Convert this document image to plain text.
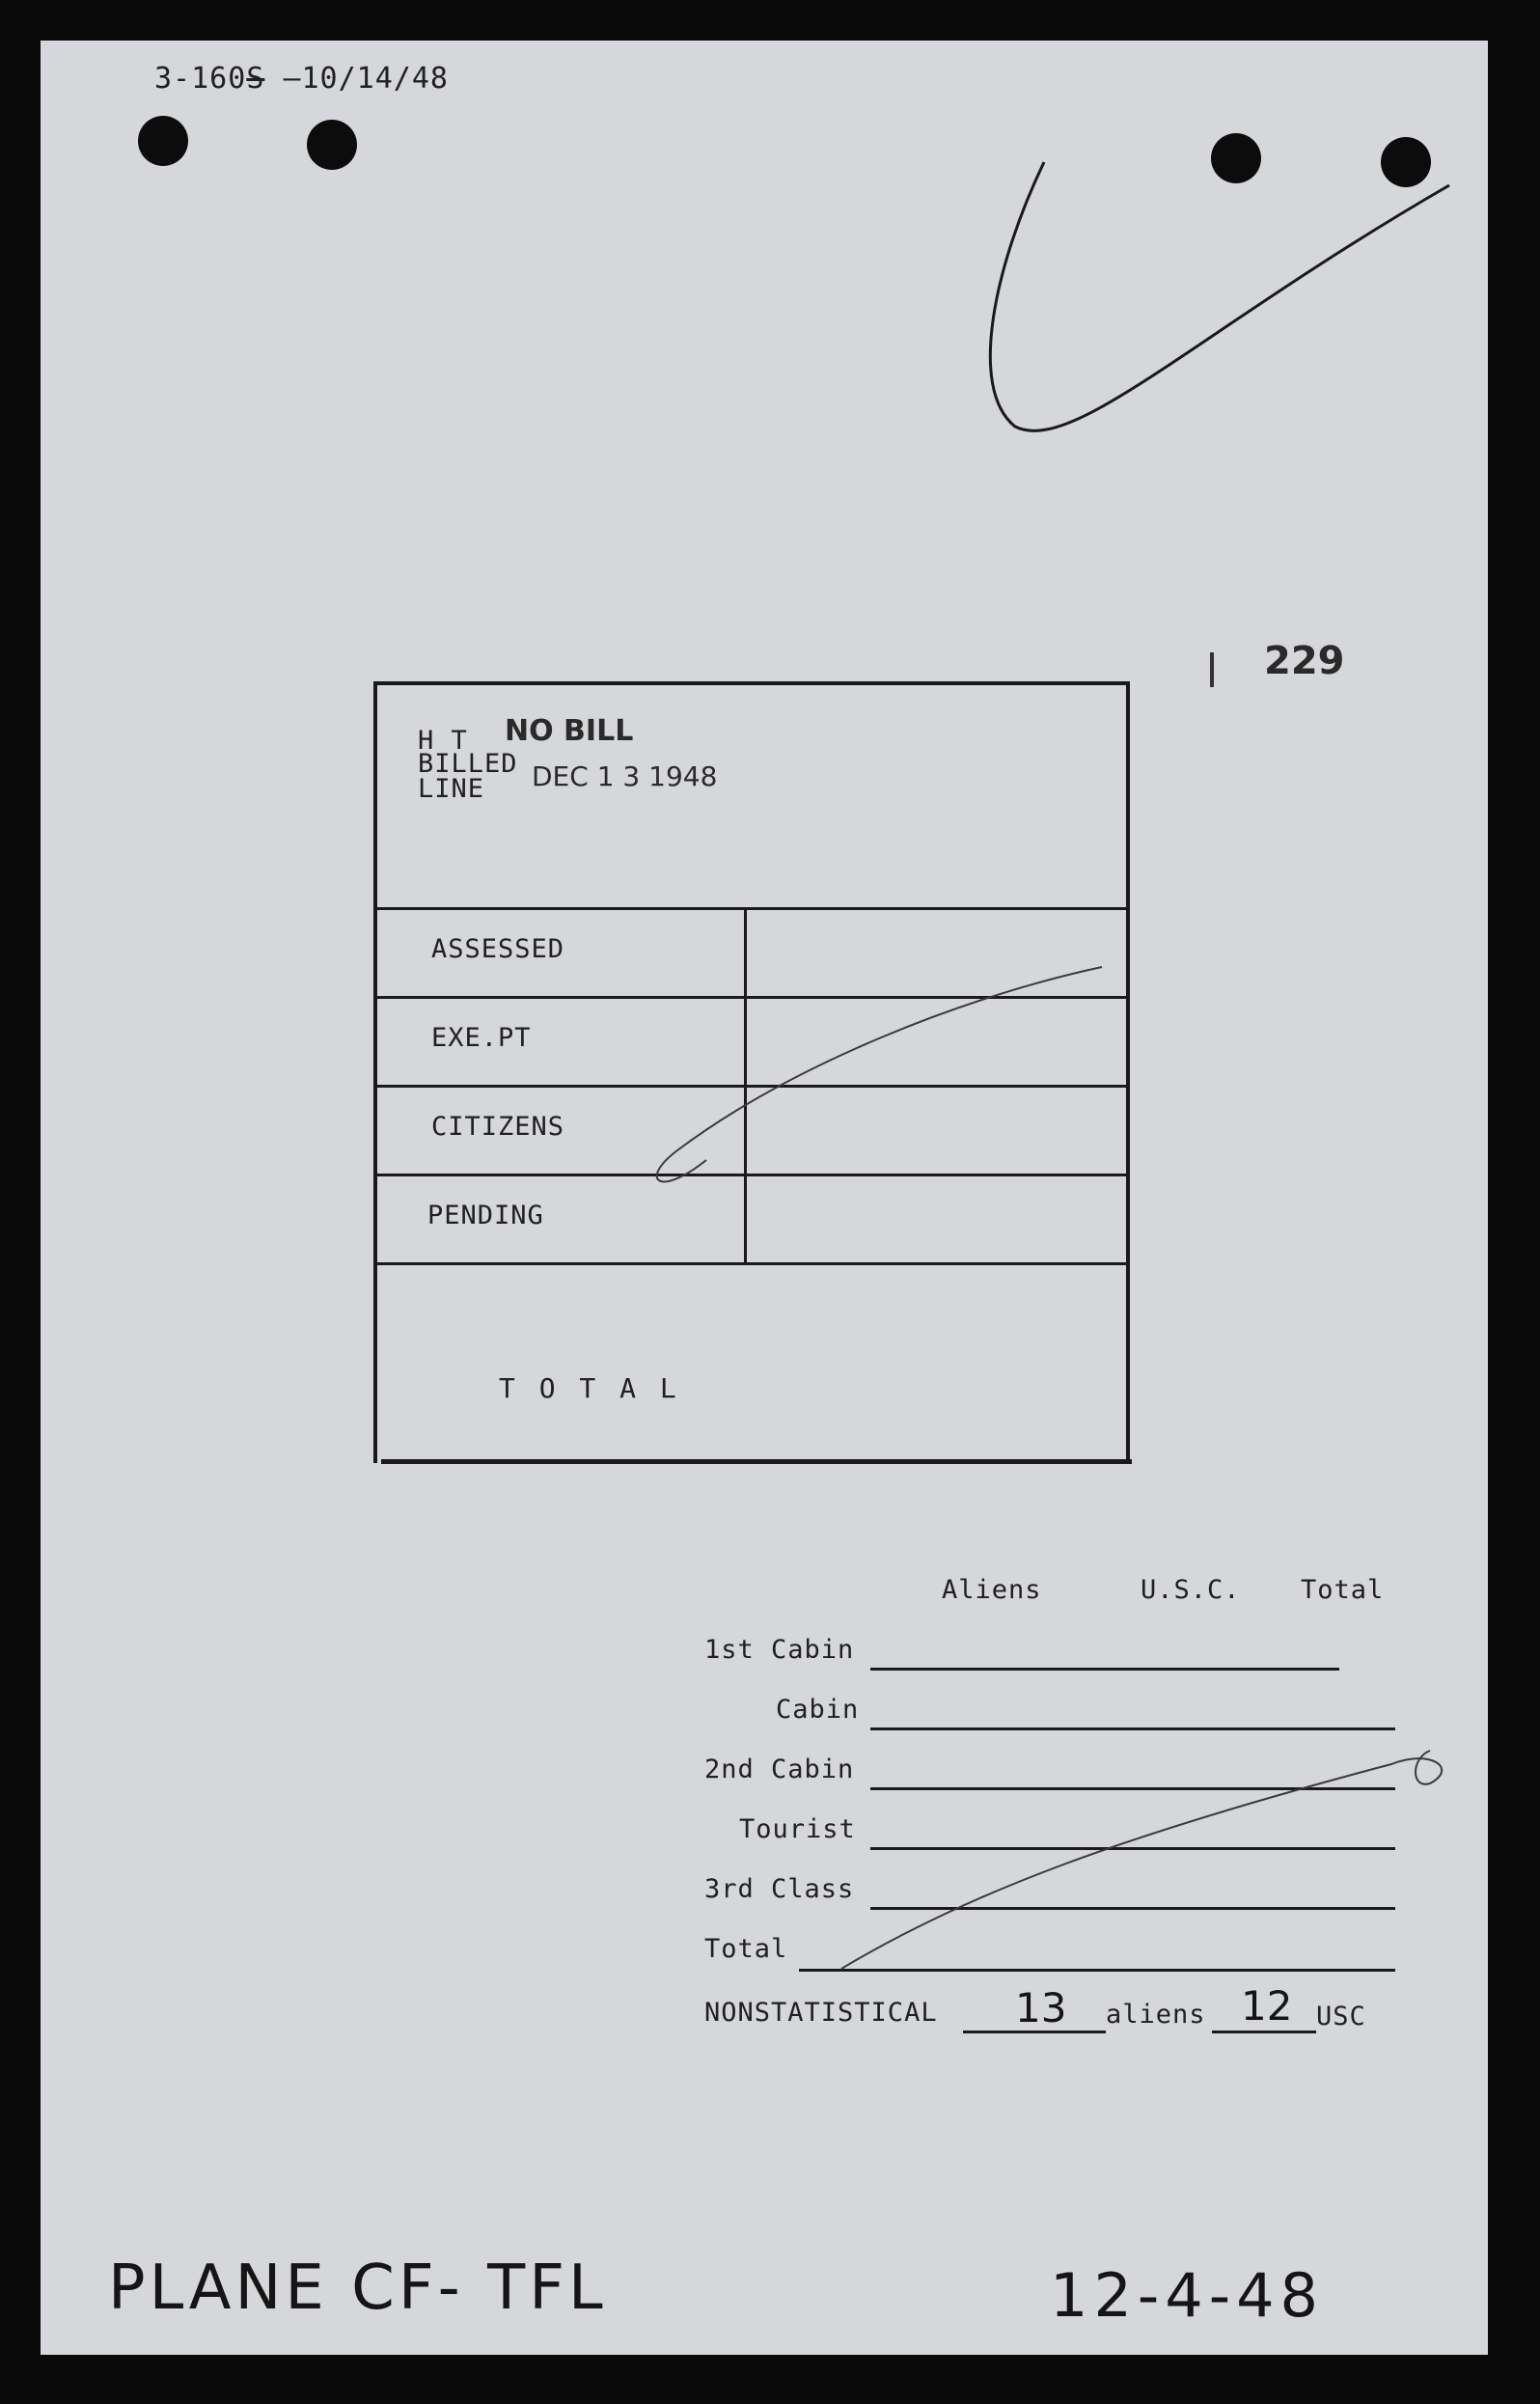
3-160S —10/14/48
229
H T
BILLED
LINE
NO BILL
DEC 1 3 1948
ASSESSED
EXE.PT
CITIZENS
PENDING
T O T A L
Aliens	U.S.C. Total
1st Cabin
Cabin
2nd Cabin
Tourist
3rd Class
Total
NONSTATISTICAL 13 aliens 12 USC
PLANE CF- TFL	12-4-48
